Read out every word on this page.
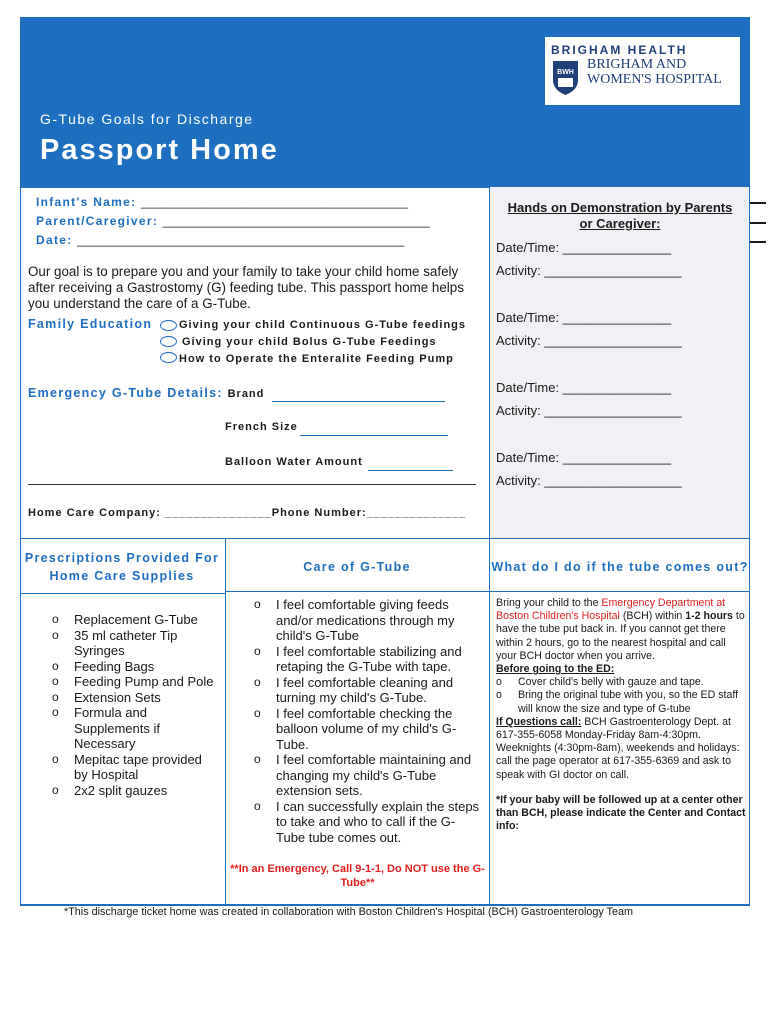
BRIGHAM HEALTH
BWH
BRIGHAM AND
WOMEN'S HOSPITAL
G-Tube Goals for Discharge
Passport Home
Infant's Name: ________________________________________
Parent/Caregiver: ________________________________________
Date: _________________________________________________
Our goal is to prepare you and your family to take your child home safely after receiving a Gastrostomy (G) feeding tube. This passport home helps you understand the care of a G-Tube.
Family Education Giving your child Continuous G-Tube feedings
Giving your child Bolus G-Tube Feedings
How to Operate the Enteralite Feeding Pump
Emergency G-Tube Details: Brand
French Size
Balloon Water Amount
Home Care Company: _______________Phone Number:______________
Hands on Demonstration by Parents
or Caregiver:
Date/Time: _______________
Activity: ___________________
Date/Time: _______________
Activity: ___________________
Date/Time: _______________
Activity: ___________________
Date/Time: _______________
Activity: ___________________
Prescriptions Provided For
Home Care Supplies
Care of G-Tube	What do I do if the tube comes out?
o Replacement G-Tube
o 35 ml catheter Tip
Syringes
o Feeding Bags
o Feeding Pump and Pole
o Extension Sets
o Formula and
Supplements if
Necessary
o Mepitac tape provided
by Hospital
o 2x2 split gauzes
o I feel comfortable giving feeds
and/or medications through my
child's G-Tube
o I feel comfortable stabilizing and
retaping the G-Tube with tape.
o I feel comfortable cleaning and
turning my child's G-Tube.
o I feel comfortable checking the
balloon volume of my child's G-
Tube.
o I feel comfortable maintaining and
changing my child's G-Tube
extension sets.
o I can successfully explain the steps
to take and who to call if the G-
Tube tube comes out.
Bring your child to the Emergency Department at Boston Children's Hospital (BCH) within 1-2 hours to have the tube put back in. If you cannot get there within 2 hours, go to the nearest hospital and call your BCH doctor when you arrive.
Before going to the ED:
o Cover child's belly with gauze and tape.
o Bring the original tube with you, so the ED staff will know the size and type of G-tube
If Questions call: BCH Gastroenterology Dept. at 617-355-6058 Monday-Friday 8am-4:30pm. Weeknights (4:30pm-8am), weekends and holidays: call the page operator at 617-355-6369 and ask to speak with GI doctor on call.
*If your baby will be followed up at a center other than BCH, please indicate the Center and Contact info:
**In an Emergency, Call 9-1-1, Do NOT use the G-Tube**
*This discharge ticket home was created in collaboration with Boston Children's Hospital (BCH) Gastroenterology Team
